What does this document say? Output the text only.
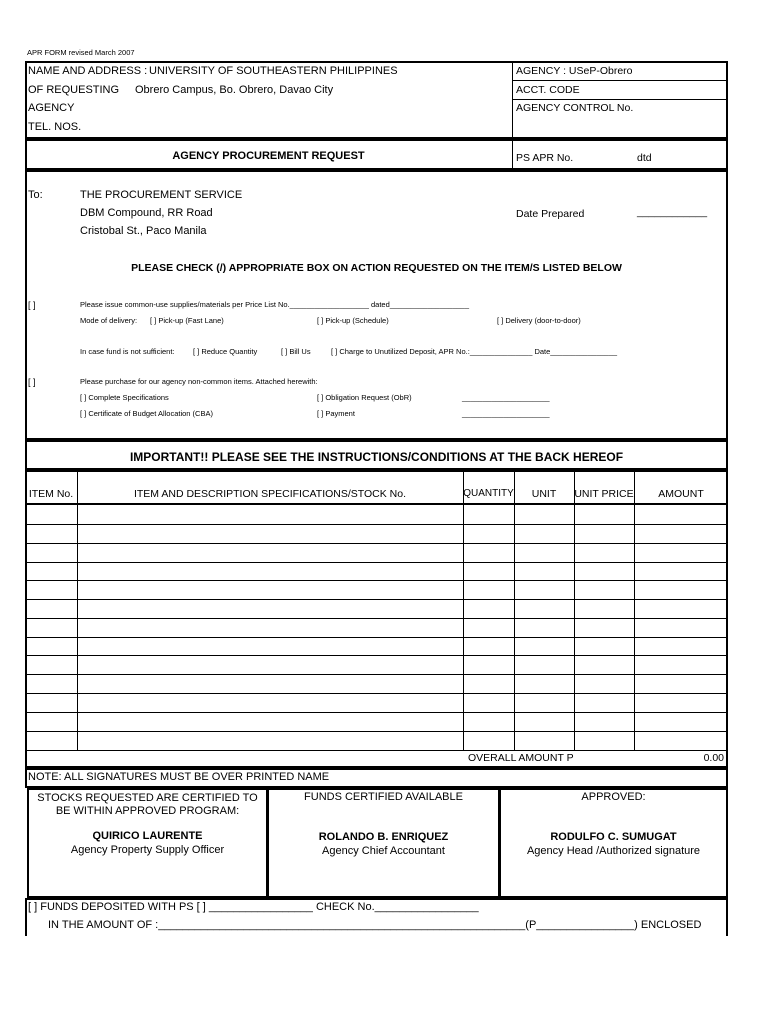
APR FORM revised March 2007
NAME AND ADDRESS : UNIVERSITY OF SOUTHEASTERN PHILIPPINES
OF REQUESTING Obrero Campus, Bo. Obrero, Davao City
AGENCY
TEL. NOS.
AGENCY : USeP-Obrero
ACCT. CODE
AGENCY CONTROL No.
AGENCY PROCUREMENT REQUEST	PS APR No.	dtd
To:	THE PROCUREMENT SERVICE
DBM Compound, RR Road
Cristobal St., Paco Manila
Date Prepared	____________
PLEASE CHECK (/) APPROPRIATE BOX ON ACTION REQUESTED ON THE ITEM/S LISTED BELOW
[ ]	Please issue common-use supplies/materials per Price List No.___________________ dated___________________
Mode of delivery: [ ] Pick-up (Fast Lane)	[ ] Pick-up (Schedule)	[ ] Delivery (door-to-door)
In case fund is not sufficient: [ ] Reduce Quantity	[ ] Bill Us	[ ] Charge to Unutilized Deposit, APR No.:_______________ Date________________
[ ]	Please purchase for our agency non-common items. Attached herewith:
[ ] Complete Specifications	[ ] Obligation Request (ObR)	_____________________
[ ] Certificate of Budget Allocation (CBA)	[ ] Payment	_____________________
IMPORTANT!! PLEASE SEE THE INSTRUCTIONS/CONDITIONS AT THE BACK HEREOF
ITEM No.	ITEM AND DESCRIPTION SPECIFICATIONS/STOCK No.	QUANTITY	UNIT	UNIT PRICE	AMOUNT
OVERALL AMOUNT P	0.00
NOTE: ALL SIGNATURES MUST BE OVER PRINTED NAME
STOCKS REQUESTED ARE CERTIFIED TO BE WITHIN APPROVED PROGRAM:
QUIRICO LAURENTE
Agency Property Supply Officer
FUNDS CERTIFIED AVAILABLE
ROLANDO B. ENRIQUEZ
Agency Chief Accountant
APPROVED:
RODULFO C. SUMUGAT
Agency Head /Authorized signature
[ ] FUNDS DEPOSITED WITH PS [ ] _________________ CHECK No._________________
IN THE AMOUNT OF :____________________________________________________________(P________________) ENCLOSED
